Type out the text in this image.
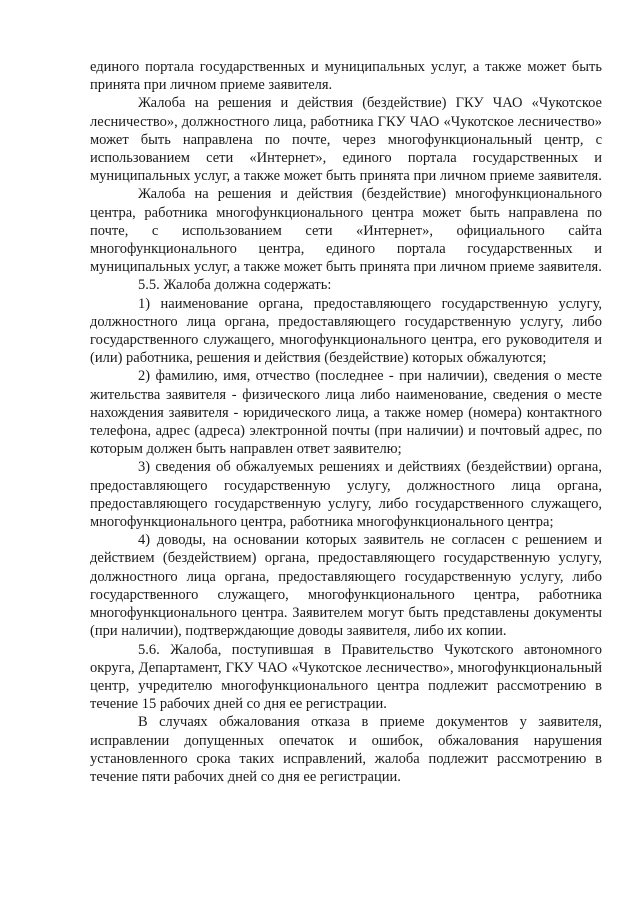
единого портала государственных и муниципальных услуг, а также может быть принята при личном приеме заявителя.

Жалоба на решения и действия (бездействие) ГКУ ЧАО «Чукотское лесничество», должностного лица, работника ГКУ ЧАО «Чукотское лесничество» может быть направлена по почте, через многофункциональный центр, с использованием сети «Интернет», единого портала государственных и муниципальных услуг, а также может быть принята при личном приеме заявителя.

Жалоба на решения и действия (бездействие) многофункционального центра, работника многофункционального центра может быть направлена по почте, с использованием сети «Интернет», официального сайта многофункционального центра, единого портала государственных и муниципальных услуг, а также может быть принята при личном приеме заявителя.

5.5. Жалоба должна содержать:

1) наименование органа, предоставляющего государственную услугу, должностного лица органа, предоставляющего государственную услугу, либо государственного служащего, многофункционального центра, его руководителя и (или) работника, решения и действия (бездействие) которых обжалуются;

2) фамилию, имя, отчество (последнее - при наличии), сведения о месте жительства заявителя - физического лица либо наименование, сведения о месте нахождения заявителя - юридического лица, а также номер (номера) контактного телефона, адрес (адреса) электронной почты (при наличии) и почтовый адрес, по которым должен быть направлен ответ заявителю;

3) сведения об обжалуемых решениях и действиях (бездействии) органа, предоставляющего государственную услугу, должностного лица органа, предоставляющего государственную услугу, либо государственного служащего, многофункционального центра, работника многофункционального центра;

4) доводы, на основании которых заявитель не согласен с решением и действием (бездействием) органа, предоставляющего государственную услугу, должностного лица органа, предоставляющего государственную услугу, либо государственного служащего, многофункционального центра, работника многофункционального центра. Заявителем могут быть представлены документы (при наличии), подтверждающие доводы заявителя, либо их копии.

5.6. Жалоба, поступившая в Правительство Чукотского автономного округа, Департамент, ГКУ ЧАО «Чукотское лесничество», многофункциональный центр, учредителю многофункционального центра подлежит рассмотрению в течение 15 рабочих дней со дня ее регистрации.

В случаях обжалования отказа в приеме документов у заявителя, исправлении допущенных опечаток и ошибок, обжалования нарушения установленного срока таких исправлений, жалоба подлежит рассмотрению в течение пяти рабочих дней со дня ее регистрации.
